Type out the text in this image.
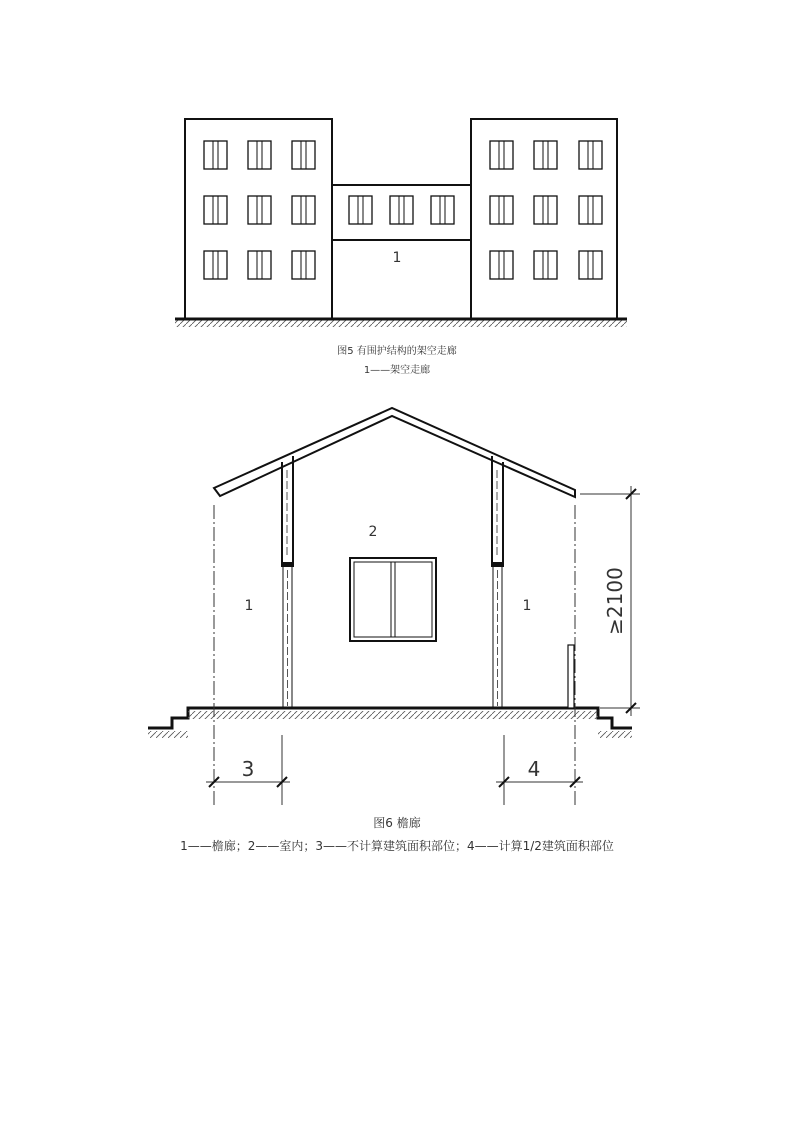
1
3	4
≥2100
1	1
2
图5 有围护结构的架空走廊
1——架空走廊
图6 檐廊
1——檐廊；2——室内；3——不计算建筑面积部位；4——计算1/2建筑面积部位
